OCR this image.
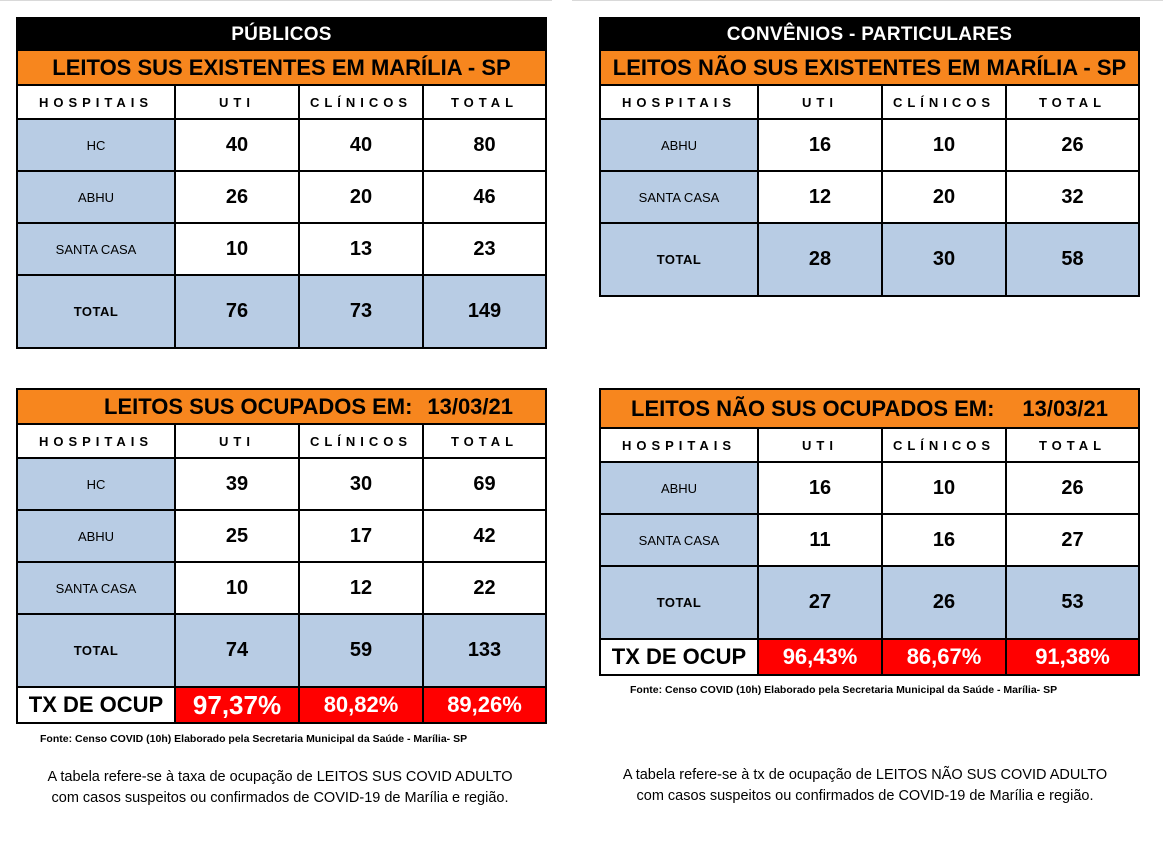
PÚBLICOS
LEITOS SUS EXISTENTES EM MARÍLIA - SP			
HOSPITAIS	UTI	CLÍNICOS	TOTAL
HC	40	40	80
ABHU	26	20	46
SANTA CASA	10	13	23
TOTAL	76	73	149
LEITOS SUS OCUPADOS EM: 13/03/21			

HOSPITAIS	UTI	CLÍNICOS	TOTAL
HC	39	30	69
ABHU	25	17	42
SANTA CASA	10	12	22
TOTAL	74	59	133
TX DE OCUP	97,37%	80,82%	89,26%
Fonte: Censo COVID (10h) Elaborado pela Secretaria Municipal da Saúde - Marília- SP
A tabela refere-se à taxa de ocupação de LEITOS SUS COVID ADULTO
com casos suspeitos ou confirmados de COVID-19 de Marília e região.
CONVÊNIOS - PARTICULARES
LEITOS NÃO SUS EXISTENTES EM MARÍLIA - SP			
HOSPITAIS	UTI	CLÍNICOS	TOTAL
ABHU	16	10	26
SANTA CASA	12	20	32
TOTAL	28	30	58
LEITOS NÃO SUS OCUPADOS EM: 13/03/21			

HOSPITAIS	UTI	CLÍNICOS	TOTAL
ABHU	16	10	26
SANTA CASA	11	16	27
TOTAL	27	26	53
TX DE OCUP	96,43%	86,67%	91,38%
Fonte: Censo COVID (10h) Elaborado pela Secretaria Municipal da Saúde - Marília- SP
A tabela refere-se à tx de ocupação de LEITOS NÃO SUS COVID ADULTO
com casos suspeitos ou confirmados de COVID-19 de Marília e região.
